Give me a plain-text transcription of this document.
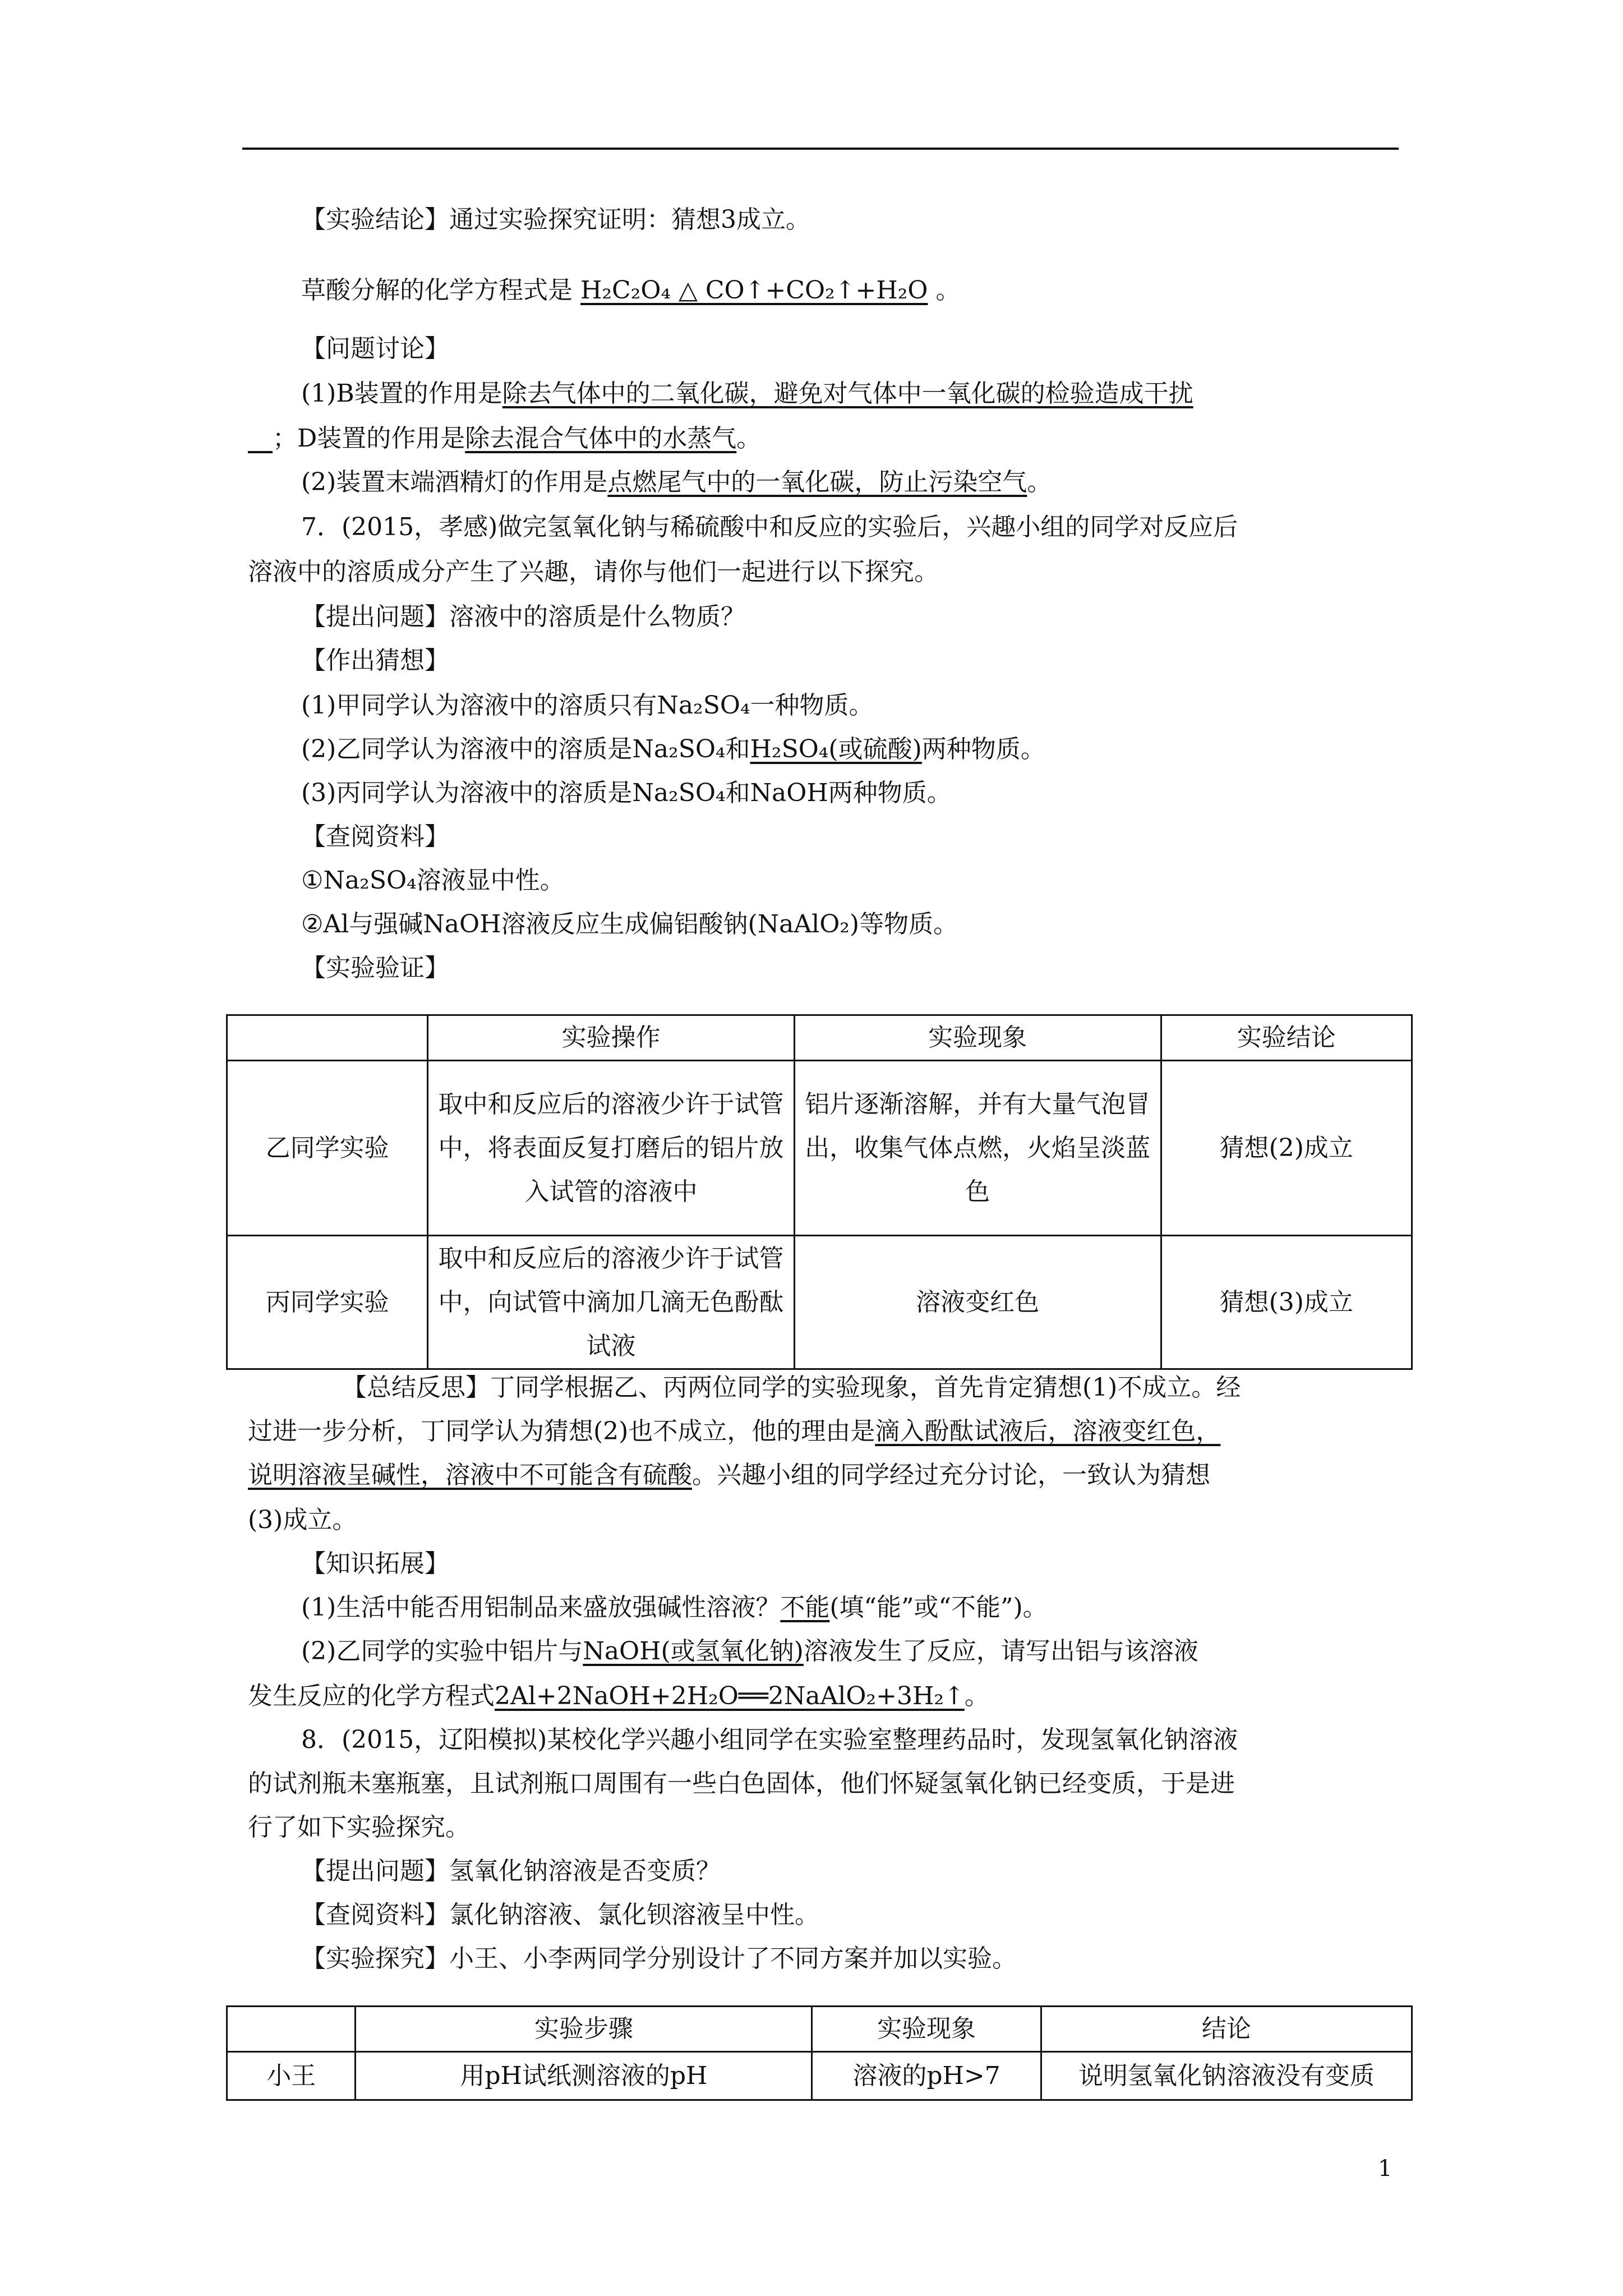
【实验结论】通过实验探究证明：猜想3成立。
草酸分解的化学方程式是 H₂C₂O₄ △ CO↑+CO₂↑+H₂O 。
【问题讨论】
(1)B装置的作用是除去气体中的二氧化碳，避免对气体中一氧化碳的检验造成干扰
　；D装置的作用是除去混合气体中的水蒸气。
(2)装置末端酒精灯的作用是点燃尾气中的一氧化碳，防止污染空气。
7．(2015，孝感)做完氢氧化钠与稀硫酸中和反应的实验后，兴趣小组的同学对反应后
溶液中的溶质成分产生了兴趣，请你与他们一起进行以下探究。
【提出问题】溶液中的溶质是什么物质？
【作出猜想】
(1)甲同学认为溶液中的溶质只有Na₂SO₄一种物质。
(2)乙同学认为溶液中的溶质是Na₂SO₄和H₂SO₄(或硫酸)两种物质。
(3)丙同学认为溶液中的溶质是Na₂SO₄和NaOH两种物质。
【查阅资料】
①Na₂SO₄溶液显中性。
②Al与强碱NaOH溶液反应生成偏铝酸钠(NaAlO₂)等物质。
【实验验证】
	实验操作	实验现象	实验结论
乙同学实验	取中和反应后的溶液少许于试管中，将表面反复打磨后的铝片放入试管的溶液中	铝片逐渐溶解，并有大量气泡冒出，收集气体点燃，火焰呈淡蓝色	猜想(2)成立
丙同学实验	取中和反应后的溶液少许于试管中，向试管中滴加几滴无色酚酞试液	溶液变红色	猜想(3)成立
【总结反思】丁同学根据乙、丙两位同学的实验现象，首先肯定猜想(1)不成立。经
过进一步分析，丁同学认为猜想(2)也不成立，他的理由是滴入酚酞试液后，溶液变红色，
说明溶液呈碱性，溶液中不可能含有硫酸。兴趣小组的同学经过充分讨论，一致认为猜想
(3)成立。
【知识拓展】
(1)生活中能否用铝制品来盛放强碱性溶液？不能(填“能”或“不能”)。
(2)乙同学的实验中铝片与NaOH(或氢氧化钠)溶液发生了反应，请写出铝与该溶液
发生反应的化学方程式2Al+2NaOH+2H₂O══2NaAlO₂+3H₂↑。
8．(2015，辽阳模拟)某校化学兴趣小组同学在实验室整理药品时，发现氢氧化钠溶液
的试剂瓶未塞瓶塞，且试剂瓶口周围有一些白色固体，他们怀疑氢氧化钠已经变质，于是进
行了如下实验探究。
【提出问题】氢氧化钠溶液是否变质？
【查阅资料】氯化钠溶液、氯化钡溶液呈中性。
【实验探究】小王、小李两同学分别设计了不同方案并加以实验。
	实验步骤	实验现象	结论
小王	用pH试纸测溶液的pH	溶液的pH>7	说明氢氧化钠溶液没有变质
1
